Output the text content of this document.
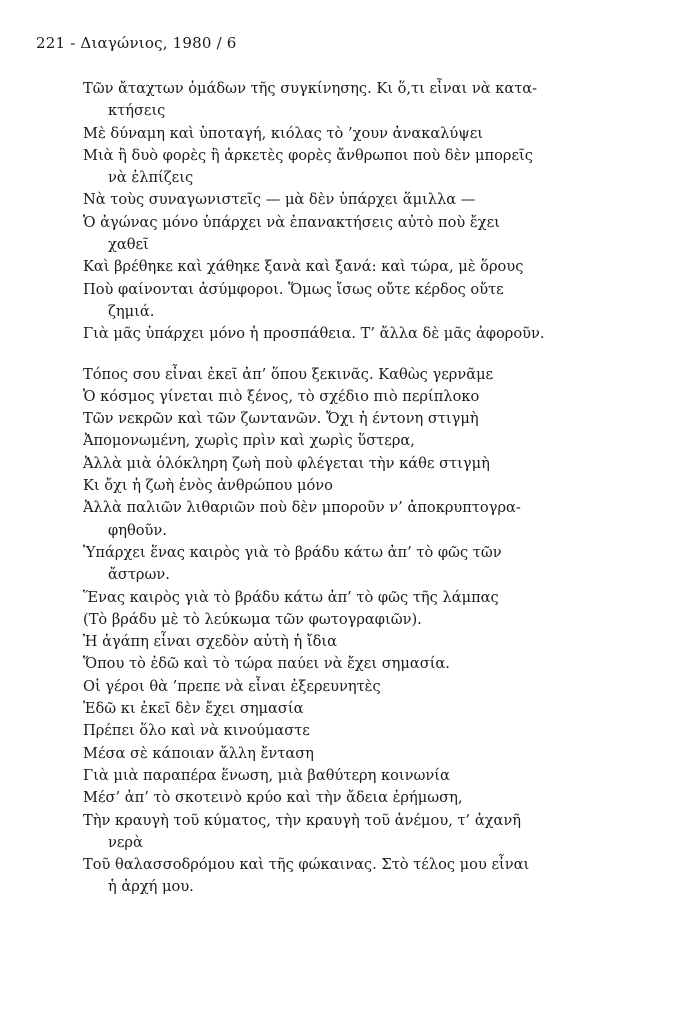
221 - Διαγώνιος, 1980 / 6
Τῶν ἄταχτων ὁμάδων τῆς συγκίνησης. Κι ὅ,τι εἶναι νὰ κατα-
κτήσεις
Μὲ δύναμη καὶ ὑποταγή, κιόλας τὸ ’χουν ἀνακαλύψει
Μιὰ ἢ δυὸ φορὲς ἢ ἀρκετὲς φορὲς ἄνθρωποι ποὺ δὲν μπορεῖς
νὰ ἐλπίζεις
Νὰ τοὺς συναγωνιστεῖς — μὰ δὲν ὑπάρχει ἅμιλλα —
Ὁ ἀγώνας μόνο ὑπάρχει νὰ ἐπανακτήσεις αὐτὸ ποὺ ἔχει
χαθεῖ
Καὶ βρέθηκε καὶ χάθηκε ξανὰ καὶ ξανά: καὶ τώρα, μὲ ὅρους
Ποὺ φαίνονται ἀσύμφοροι. Ὅμως ἴσως οὔτε κέρδος οὔτε
ζημιά.
Γιὰ μᾶς ὑπάρχει μόνο ἡ προσπάθεια. Τ’ ἄλλα δὲ μᾶς ἀφοροῦν.
Τόπος σου εἶναι ἐκεῖ ἀπ’ ὅπου ξεκινᾶς. Καθὼς γερνᾶμε
Ὁ κόσμος γίνεται πιὸ ξένος, τὸ σχέδιο πιὸ περίπλοκο
Τῶν νεκρῶν καὶ τῶν ζωντανῶν. Ὄχι ἡ έντονη στιγμὴ
Ἀπομονωμένη, χωρὶς πρὶν καὶ χωρὶς ὕστερα,
Ἀλλὰ μιὰ ὁλόκληρη ζωὴ ποὺ φλέγεται τὴν κάθε στιγμὴ
Κι ὄχι ἡ ζωὴ ἑνὸς ἀνθρώπου μόνο
Ἀλλὰ παλιῶν λιθαριῶν ποὺ δὲν μποροῦν ν’ ἀποκρυπτογρα-
φηθοῦν.
Ὑπάρχει ἕνας καιρὸς γιὰ τὸ βράδυ κάτω ἀπ’ τὸ φῶς τῶν
ἄστρων.
Ἕνας καιρὸς γιὰ τὸ βράδυ κάτω ἀπ’ τὸ φῶς τῆς λάμπας
(Τὸ βράδυ μὲ τὸ λεύκωμα τῶν φωτογραφιῶν).
Ἡ ἀγάπη εἶναι σχεδὸν αὐτὴ ἡ ἴδια
Ὅπου τὸ ἐδῶ καὶ τὸ τώρα παύει νὰ ἔχει σημασία.
Οἱ γέροι θὰ ’πρεπε νὰ εἶναι ἐξερευνητὲς
Ἐδῶ κι ἐκεῖ δὲν ἔχει σημασία
Πρέπει ὅλο καὶ νὰ κινούμαστε
Μέσα σὲ κάποιαν ἄλλη ἔνταση
Γιὰ μιὰ παραπέρα ἕνωση, μιὰ βαθύτερη κοινωνία
Μέσ’ ἀπ’ τὸ σκοτεινὸ κρύο καὶ τὴν ἄδεια ἐρήμωση,
Τὴν κραυγὴ τοῦ κύματος, τὴν κραυγὴ τοῦ ἀνέμου, τ’ ἀχανῆ
νερὰ
Τοῦ θαλασσοδρόμου καὶ τῆς φώκαινας. Στὸ τέλος μου εἶναι
ἡ ἀρχή μου.
